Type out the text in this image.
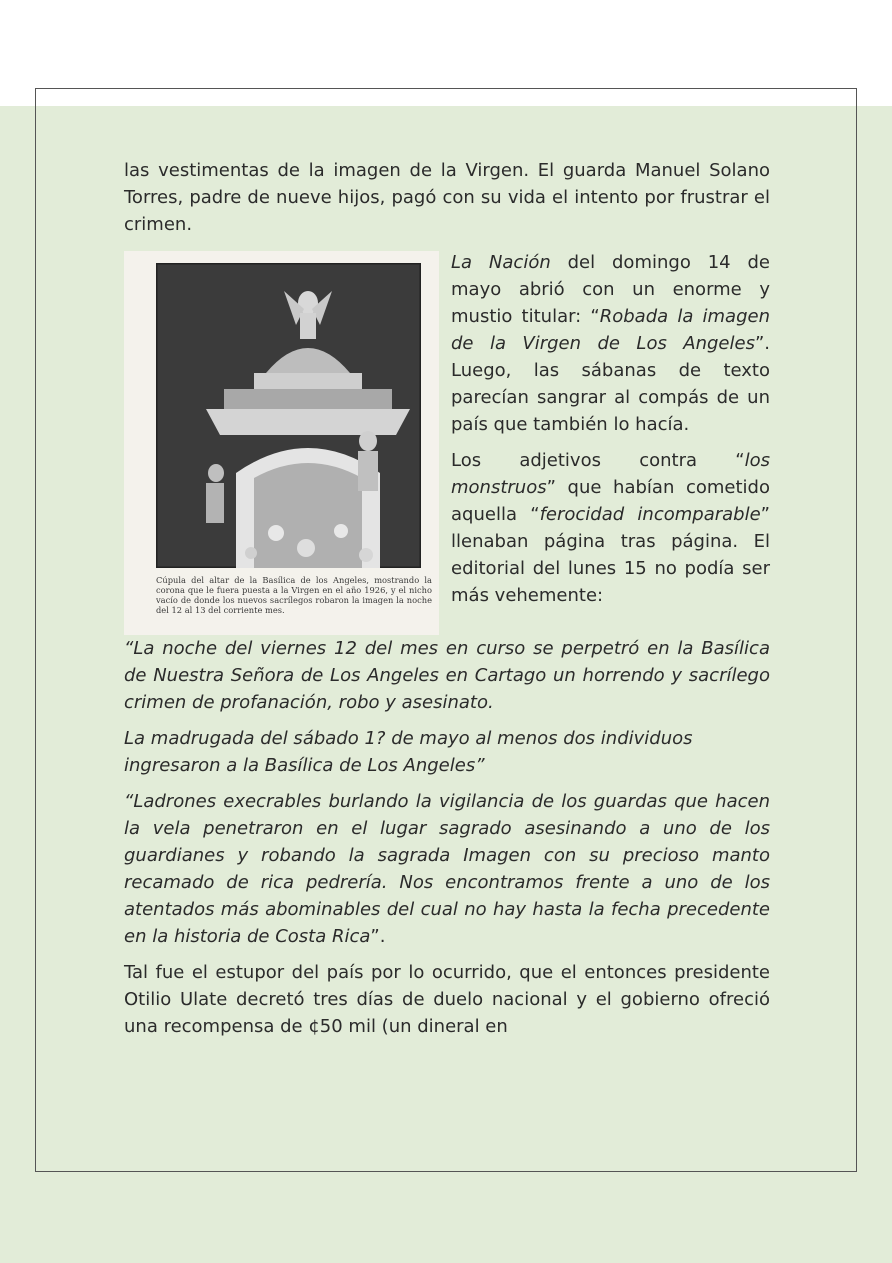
las vestimentas de la imagen de la Virgen. El guarda Manuel Solano Torres, padre de nueve hijos, pagó con su vida el intento por frustrar el crimen.

Cúpula del altar de la Basílica de los Angeles, mostrando la corona que le fuera puesta a la Virgen en el año 1926, y el nicho vacío de donde los nuevos sacrílegos robaron la imagen la noche del 12 al 13 del corriente mes.

La Nación del domingo 14 de mayo abrió con un enorme y mustio titular: “Robada la imagen de la Virgen de Los Angeles”. Luego, las sábanas de texto parecían sangrar al compás de un país que también lo hacía.

Los adjetivos contra “los monstruos” que habían cometido aquella “ferocidad incomparable” llenaban página tras página. El editorial del lunes 15 no podía ser más vehemente:

“La noche del viernes 12 del mes en curso se perpetró en la Basílica de Nuestra Señora de Los Angeles en Cartago un horrendo y sacrílego crimen de profanación, robo y asesinato.

La madrugada del sábado 1? de mayo al menos dos individuos ingresaron a la Basílica de Los Angeles”

“Ladrones execrables burlando la vigilancia de los guardas que hacen la vela penetraron en el lugar sagrado asesinando a uno de los guardianes y robando la sagrada Imagen con su precioso manto recamado de rica pedrería. Nos encontramos frente a uno de los atentados más abominables del cual no hay hasta la fecha precedente en la historia de Costa Rica”.

Tal fue el estupor del país por lo ocurrido, que el entonces presidente Otilio Ulate decretó tres días de duelo nacional y el gobierno ofreció una recompensa de ¢50 mil (un dineral en
